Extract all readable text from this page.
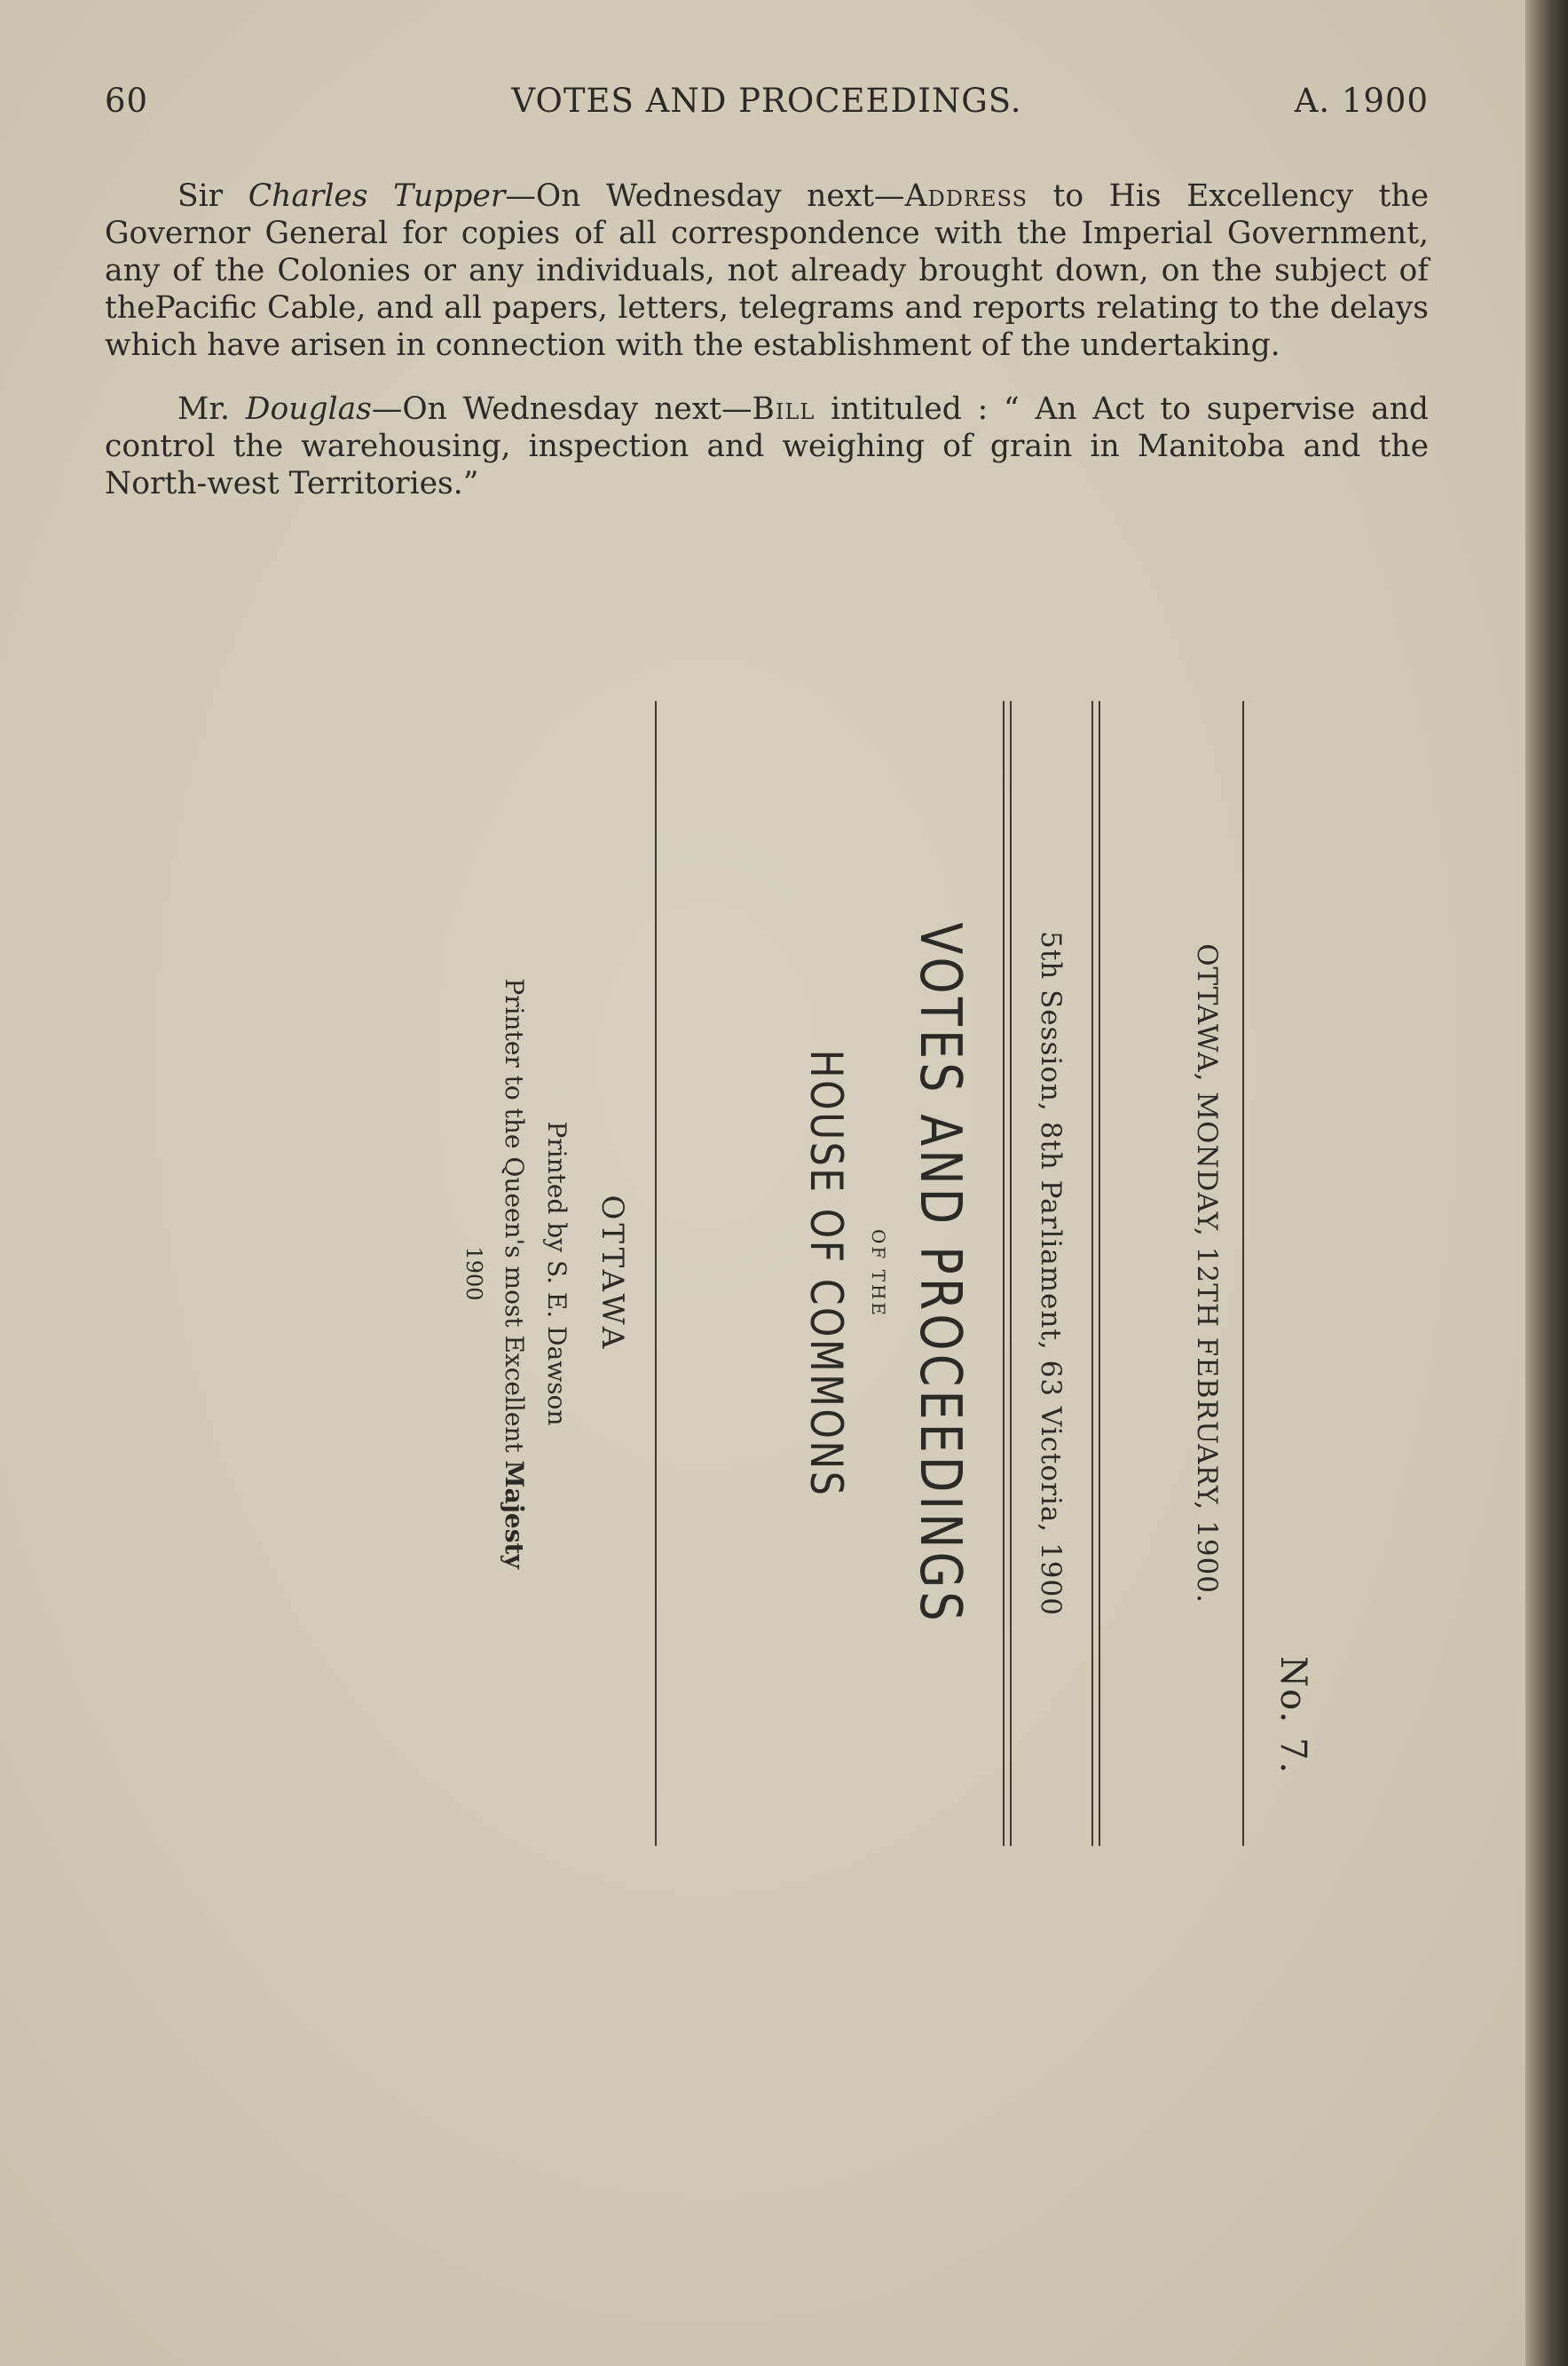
60	VOTES AND PROCEEDINGS.	A. 1900
Sir Charles Tupper—On Wednesday next—Address to His Excellency the Governor General for copies of all correspondence with the Imperial Government, any of the Colonies or any individuals, not already brought down, on the subject of thePacific Cable, and all papers, letters, telegrams and reports relating to the delays which have arisen in connection with the establishment of the undertaking.
Mr. Douglas—On Wednesday next—Bill intituled : “ An Act to supervise and control the warehousing, inspection and weighing of grain in Manitoba and the North-west Territories.”
No. 7.
OTTAWA, MONDAY, 12TH FEBRUARY, 1900.
5th Session, 8th Parliament, 63 Victoria, 1900
VOTES AND PROCEEDINGS
OF THE
HOUSE OF COMMONS
OTTAWA
Printed by S. E. Dawson
Printer to the Queen's most Excellent Majesty
1900
